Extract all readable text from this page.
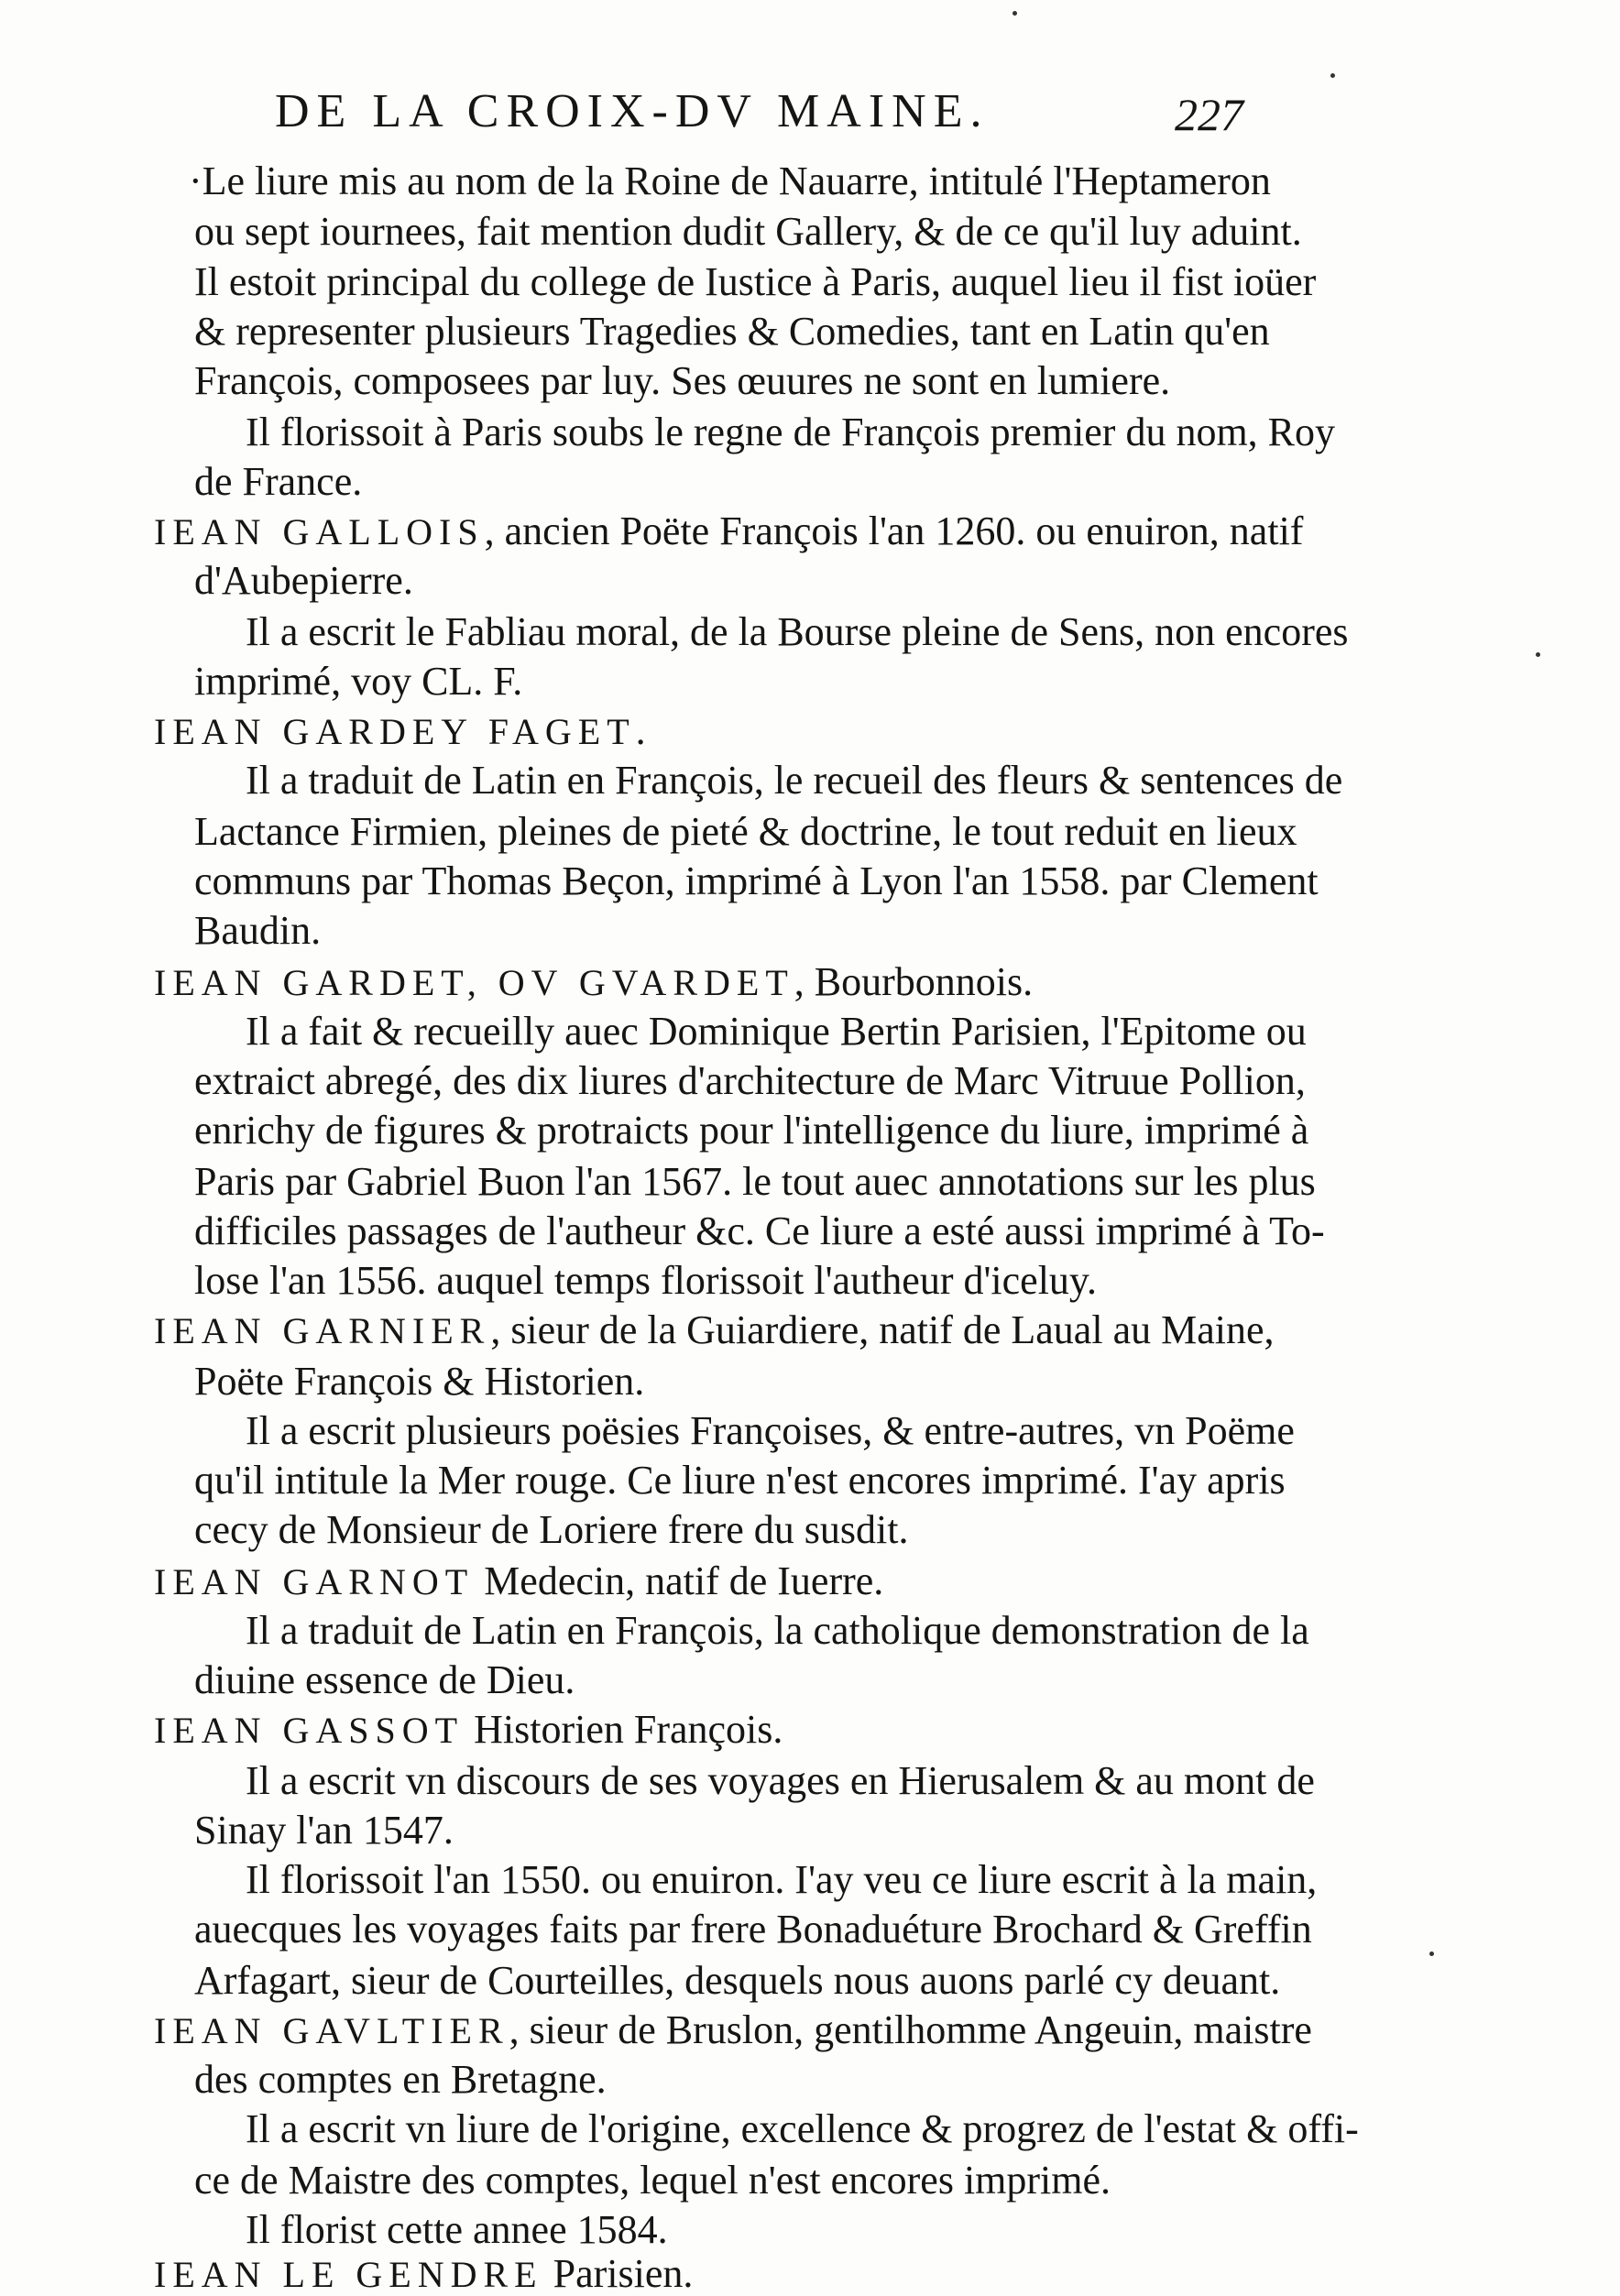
DE LA CROIX-DV MAINE.	227
·Le liure mis au nom de la Roine de Nauarre, intitulé l'Heptameron
ou sept iournees, fait mention dudit Gallery, & de ce qu'il luy aduint.
Il estoit principal du college de Iustice à Paris, auquel lieu il fist ioüer
& representer plusieurs Tragedies & Comedies, tant en Latin qu'en
François, composees par luy. Ses œuures ne sont en lumiere.
Il florissoit à Paris soubs le regne de François premier du nom, Roy
de France.
IEAN GALLOIS, ancien Poëte François l'an 1260. ou enuiron, natif
d'Aubepierre.
Il a escrit le Fabliau moral, de la Bourse pleine de Sens, non encores
imprimé, voy CL. F.
IEAN GARDEY FAGET.
Il a traduit de Latin en François, le recueil des fleurs & sentences de
Lactance Firmien, pleines de pieté & doctrine, le tout reduit en lieux
communs par Thomas Beçon, imprimé à Lyon l'an 1558. par Clement
Baudin.
IEAN GARDET, OV GVARDET, Bourbonnois.
Il a fait & recueilly auec Dominique Bertin Parisien, l'Epitome ou
extraict abregé, des dix liures d'architecture de Marc Vitruue Pollion,
enrichy de figures & protraicts pour l'intelligence du liure, imprimé à
Paris par Gabriel Buon l'an 1567. le tout auec annotations sur les plus
difficiles passages de l'autheur &c. Ce liure a esté aussi imprimé à To-
lose l'an 1556. auquel temps florissoit l'autheur d'iceluy.
IEAN GARNIER, sieur de la Guiardiere, natif de Laual au Maine,
Poëte François & Historien.
Il a escrit plusieurs poësies Françoises, & entre-autres, vn Poëme
qu'il intitule la Mer rouge. Ce liure n'est encores imprimé. I'ay apris
cecy de Monsieur de Loriere frere du susdit.
IEAN GARNOT Medecin, natif de Iuerre.
Il a traduit de Latin en François, la catholique demonstration de la
diuine essence de Dieu.
IEAN GASSOT Historien François.
Il a escrit vn discours de ses voyages en Hierusalem & au mont de
Sinay l'an 1547.
Il florissoit l'an 1550. ou enuiron. I'ay veu ce liure escrit à la main,
auecques les voyages faits par frere Bonaduéture Brochard & Greffin
Arfagart, sieur de Courteilles, desquels nous auons parlé cy deuant.
IEAN GAVLTIER, sieur de Bruslon, gentilhomme Angeuin, maistre
des comptes en Bretagne.
Il a escrit vn liure de l'origine, excellence & progrez de l'estat & offi-
ce de Maistre des comptes, lequel n'est encores imprimé.
Il florist cette annee 1584.
IEAN LE GENDRE Parisien.
